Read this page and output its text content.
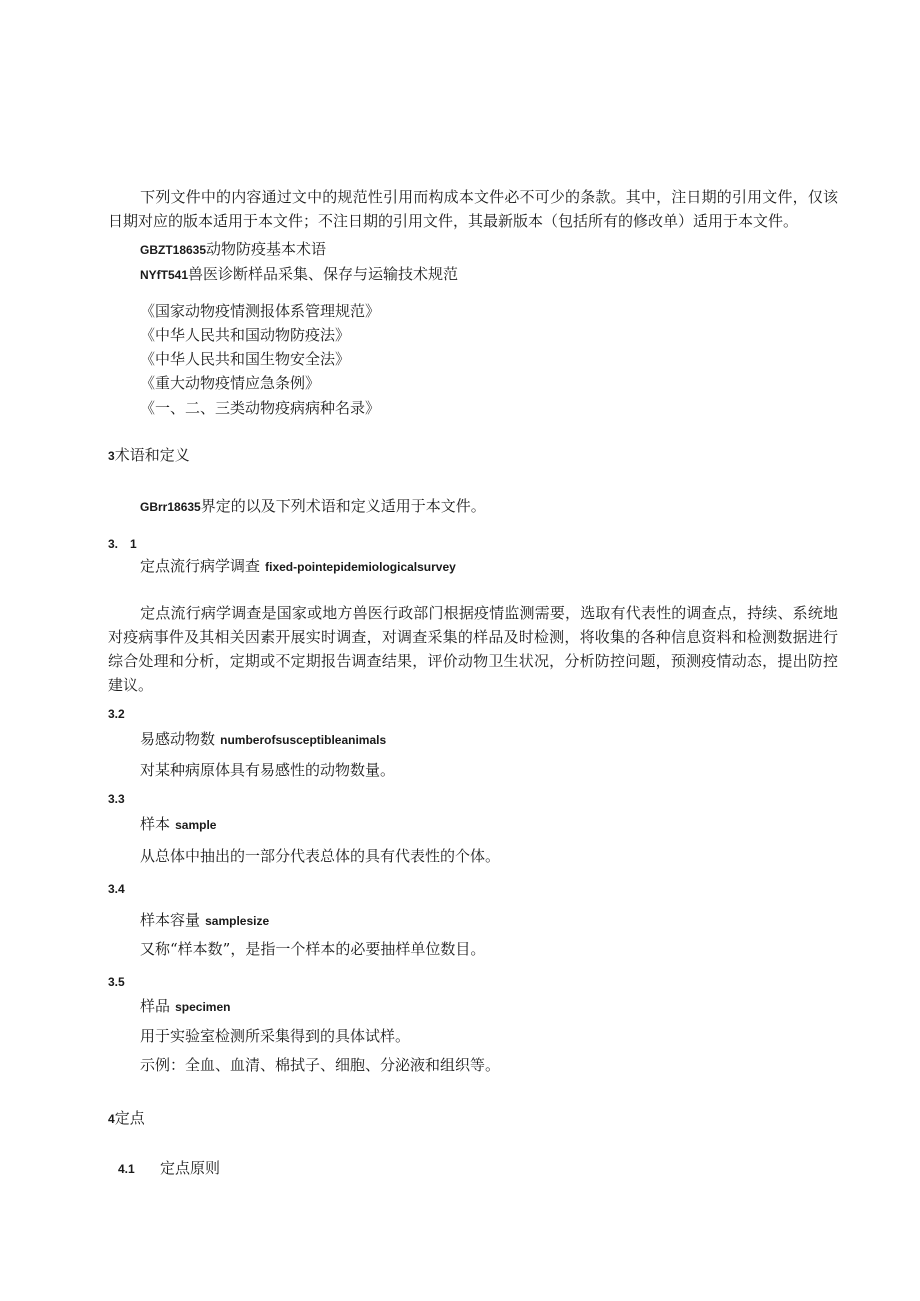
下列文件中的内容通过文中的规范性引用而构成本文件必不可少的条款。其中，注日期的引用文件，仅该日期对应的版本适用于本文件；不注日期的引用文件，其最新版本（包括所有的修改单）适用于本文件。
GBZT18635动物防疫基本术语
NYfT541兽医诊断样品采集、保存与运输技术规范
《国家动物疫情测报体系管理规范》
《中华人民共和国动物防疫法》
《中华人民共和国生物安全法》
《重大动物疫情应急条例》
《一、二、三类动物疫病病种名录》
3术语和定义
GBrr18635界定的以及下列术语和定义适用于本文件。
3.　1
定点流行病学调查 fixed-pointepidemiologicalsurvey
定点流行病学调查是国家或地方兽医行政部门根据疫情监测需要，选取有代表性的调查点，持续、系统地对疫病事件及其相关因素开展实时调查，对调查采集的样品及时检测，将收集的各种信息资料和检测数据进行综合处理和分析，定期或不定期报告调查结果，评价动物卫生状况，分析防控问题，预测疫情动态，提出防控建议。
3.2
易感动物数 numberofsusceptibleanimals
对某种病原体具有易感性的动物数量。
3.3
样本 sample
从总体中抽出的一部分代表总体的具有代表性的个体。
3.4
样本容量 samplesize
又称“样本数”，是指一个样本的必要抽样单位数目。
3.5
样品 specimen
用于实验室检测所采集得到的具体试样。
示例：全血、血清、棉拭子、细胞、分泌液和组织等。
4定点
4.1 定点原则
